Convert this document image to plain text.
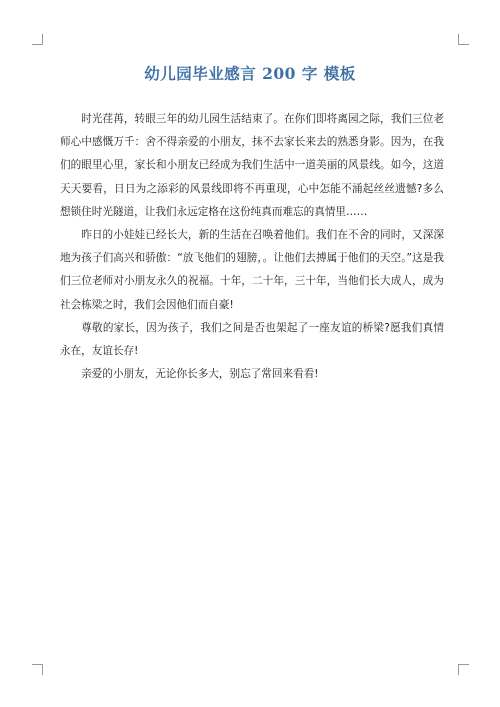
幼儿园毕业感言 200 字 模板

时光荏苒，转眼三年的幼儿园生活结束了。在你们即将离园之际，我们三位老师心中感慨万千：舍不得亲爱的小朋友，抹不去家长来去的熟悉身影。因为，在我们的眼里心里，家长和小朋友已经成为我们生活中一道美丽的风景线。如今，这道天天要看，日日为之添彩的风景线即将不再重现，心中怎能不涌起丝丝遗憾?多么想锁住时光隧道，让我们永远定格在这份纯真而难忘的真情里……

昨日的小娃娃已经长大，新的生活在召唤着他们。我们在不舍的同时，又深深地为孩子们高兴和骄傲：“放飞他们的翅膀，。让他们去搏属于他们的天空。”这是我们三位老师对小朋友永久的祝福。十年，二十年，三十年，当他们长大成人，成为社会栋梁之时，我们会因他们而自豪!

尊敬的家长，因为孩子，我们之间是否也架起了一座友谊的桥梁?愿我们真情永在，友谊长存!

亲爱的小朋友，无论你长多大，别忘了常回来看看!
